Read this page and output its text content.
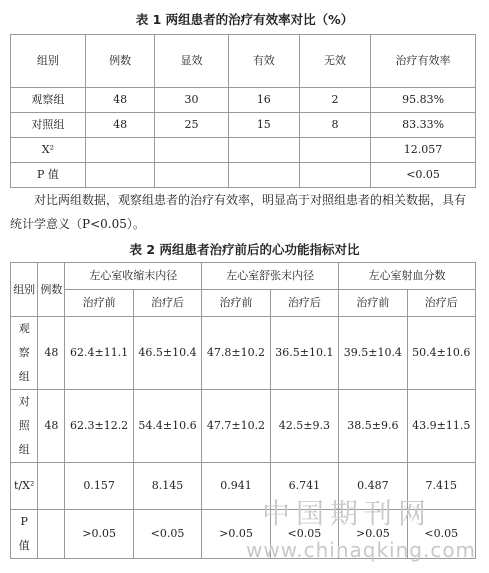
表 1 两组患者的治疗有效率对比（%）
组别	例数	显效	有效	无效	治疗有效率
观察组	48	30	16	2	95.83%
对照组	48	25	15	8	83.33%
X²					12.057
P 值					<0.05
对比两组数据，观察组患者的治疗有效率，明显高于对照组患者的相关数据，具有统计学意义（P<0.05）。
表 2 两组患者治疗前后的心功能指标对比
组别	例数	左心室收缩末内径		左心室舒张末内径		左心室射血分数	
		治疗前	治疗后	治疗前	治疗后	治疗前	治疗后
观察组	48	62.4±11.1	46.5±10.4	47.8±10.2	36.5±10.1	39.5±10.4	50.4±10.6
对照组	48	62.3±12.2	54.4±10.6	47.7±10.2	42.5±9.3	38.5±9.6	43.9±11.5
t/X²		0.157	8.145	0.941	6.741	0.487	7.415
P 值		>0.05	<0.05	>0.05	<0.05	>0.05	<0.05
中国期刊网
www.chinaqking.com
